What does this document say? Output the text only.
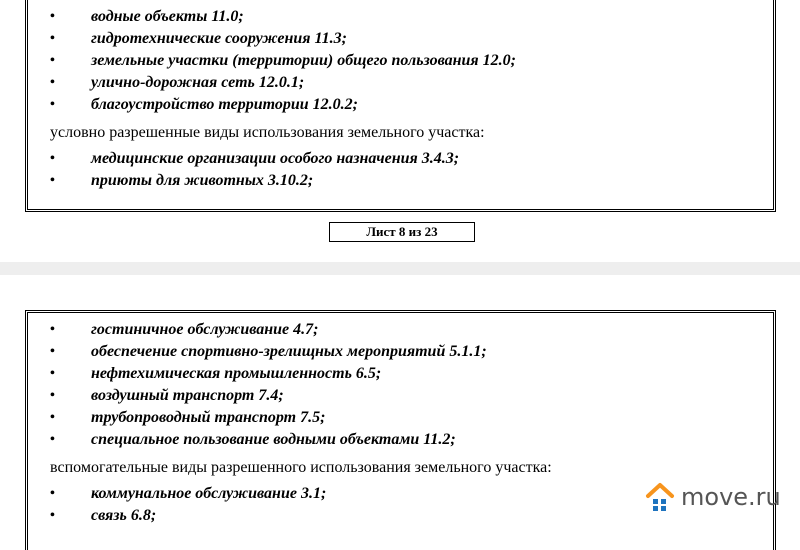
• водные объекты 11.0;
• гидротехнические сооружения 11.3;
• земельные участки (территории) общего пользования 12.0;
• улично-дорожная сеть 12.0.1;
• благоустройство территории 12.0.2;
условно разрешенные виды использования земельного участка:
• медицинские организации особого назначения 3.4.3;
• приюты для животных 3.10.2;
Лист 8 из 23
• гостиничное обслуживание 4.7;
• обеспечение спортивно-зрелищных мероприятий 5.1.1;
• нефтехимическая промышленность 6.5;
• воздушный транспорт 7.4;
• трубопроводный транспорт 7.5;
• специальное пользование водными объектами 11.2;
вспомогательные виды разрешенного использования земельного участка:
• коммунальное обслуживание 3.1;
• связь 6.8;
move.ru
